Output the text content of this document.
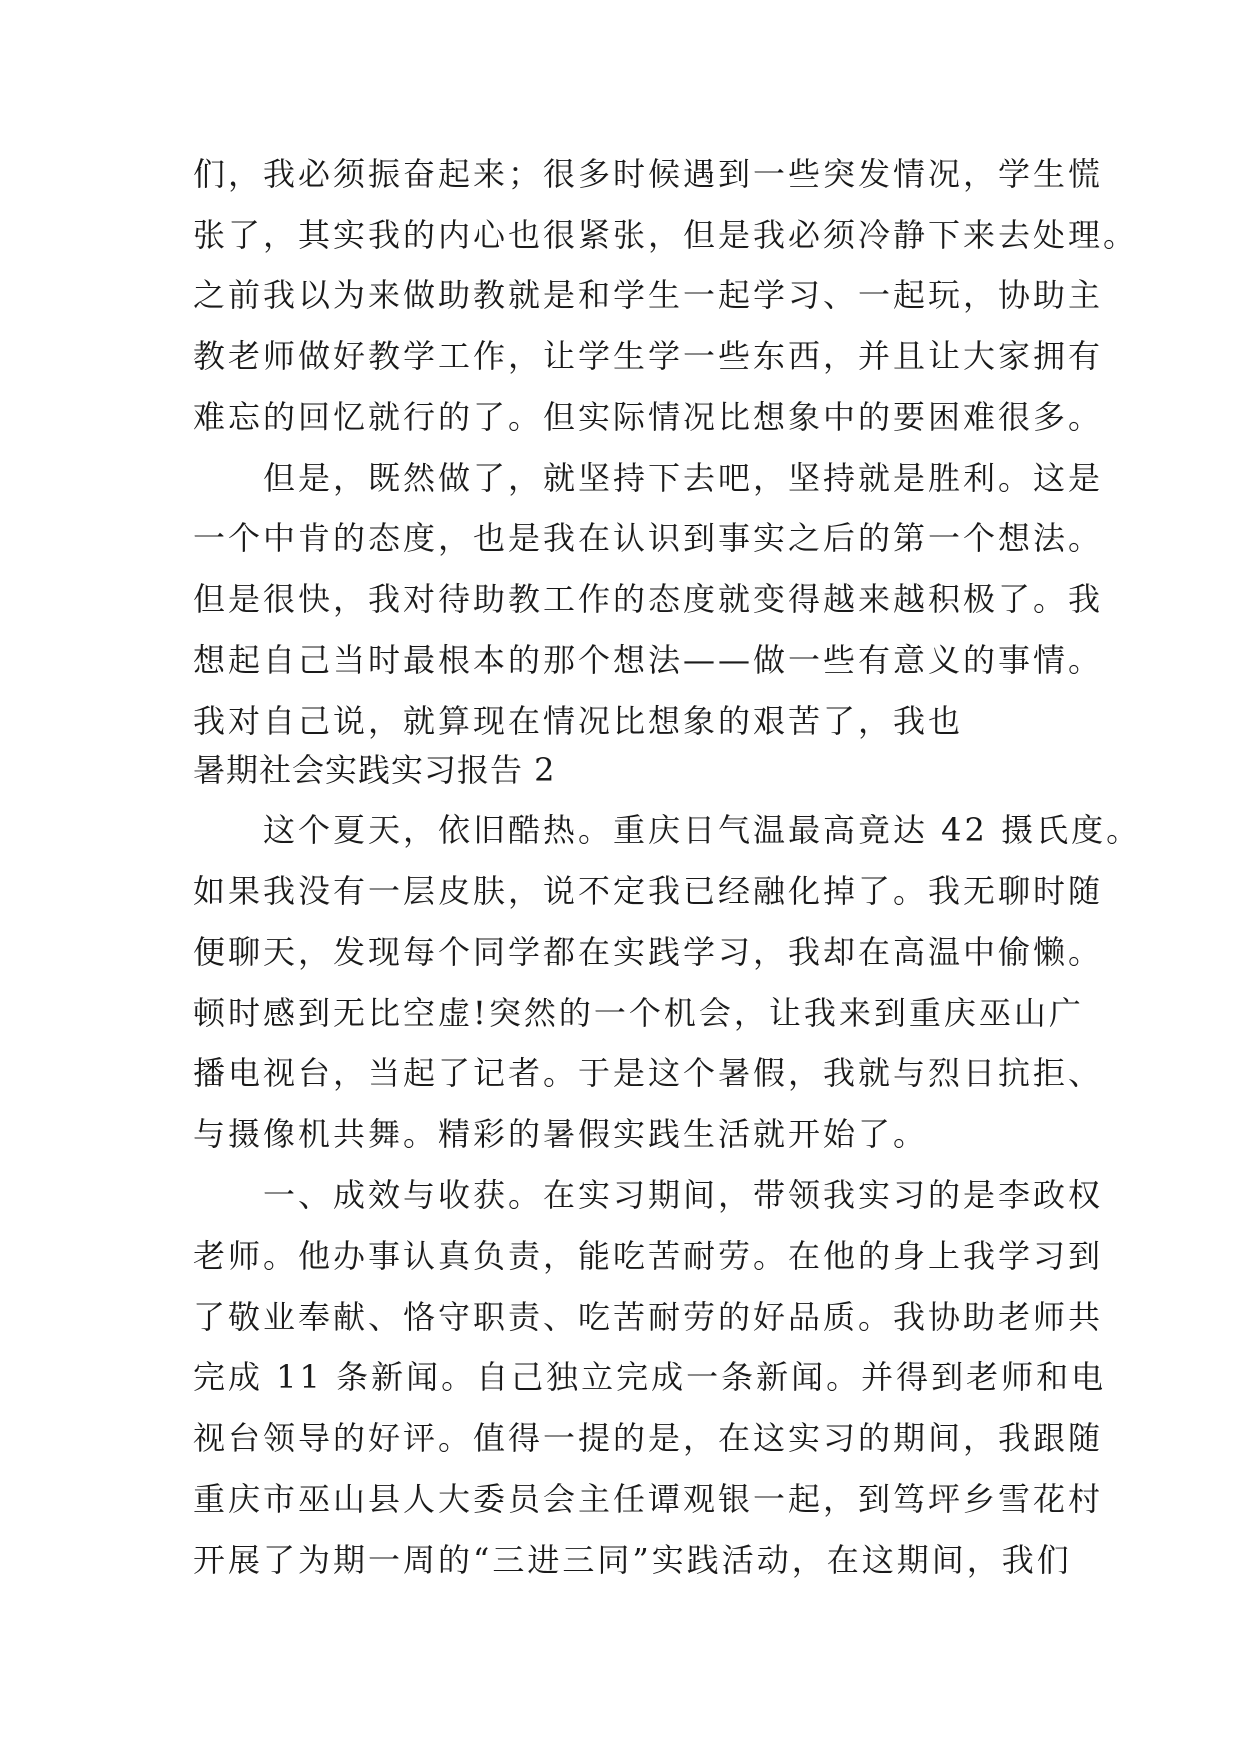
们，我必须振奋起来；很多时候遇到一些突发情况，学生慌
张了，其实我的内心也很紧张，但是我必须冷静下来去处理。
之前我以为来做助教就是和学生一起学习、一起玩，协助主
教老师做好教学工作，让学生学一些东西，并且让大家拥有
难忘的回忆就行的了。但实际情况比想象中的要困难很多。
　　但是，既然做了，就坚持下去吧，坚持就是胜利。这是
一个中肯的态度，也是我在认识到事实之后的第一个想法。
但是很快，我对待助教工作的态度就变得越来越积极了。我
想起自己当时最根本的那个想法——做一些有意义的事情。
我对自己说，就算现在情况比想象的艰苦了，我也
暑期社会实践实习报告 2
　　这个夏天，依旧酷热。重庆日气温最高竟达 42 摄氏度。
如果我没有一层皮肤，说不定我已经融化掉了。我无聊时随
便聊天，发现每个同学都在实践学习，我却在高温中偷懒。
顿时感到无比空虚!突然的一个机会，让我来到重庆巫山广
播电视台，当起了记者。于是这个暑假，我就与烈日抗拒、
与摄像机共舞。精彩的暑假实践生活就开始了。
　　一、成效与收获。在实习期间，带领我实习的是李政权
老师。他办事认真负责，能吃苦耐劳。在他的身上我学习到
了敬业奉献、恪守职责、吃苦耐劳的好品质。我协助老师共
完成 11 条新闻。自己独立完成一条新闻。并得到老师和电
视台领导的好评。值得一提的是，在这实习的期间，我跟随
重庆市巫山县人大委员会主任谭观银一起，到笃坪乡雪花村
开展了为期一周的“三进三同”实践活动，在这期间，我们
